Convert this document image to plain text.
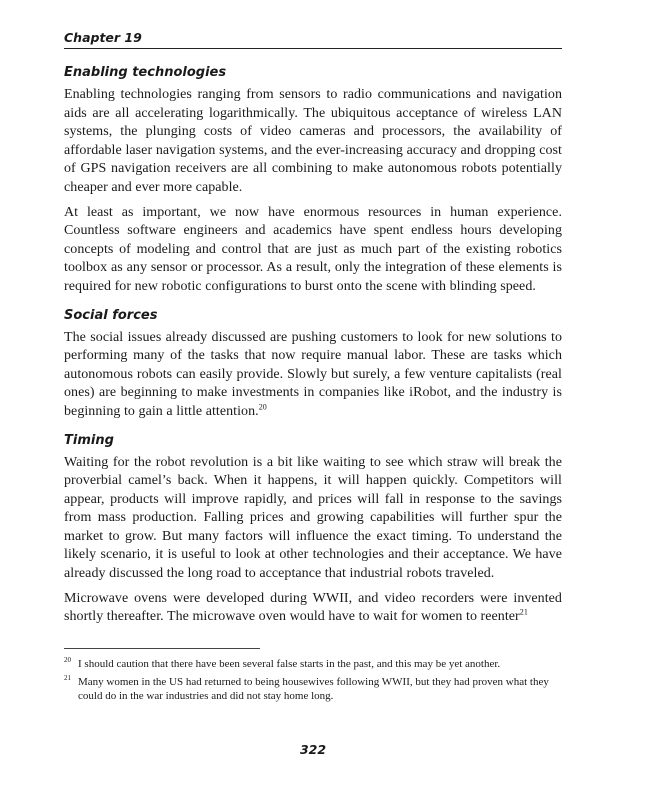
Chapter 19
Enabling technologies

Enabling technologies ranging from sensors to radio communications and navigation aids are all accelerating logarithmically. The ubiquitous acceptance of wireless LAN systems, the plunging costs of video cameras and processors, the availability of affordable laser navigation systems, and the ever-increasing accuracy and dropping cost of GPS navigation receivers are all combining to make autonomous robots potentially cheaper and ever more capable.

At least as important, we now have enormous resources in human experience. Countless software engineers and academics have spent endless hours developing concepts of modeling and control that are just as much part of the existing robotics toolbox as any sensor or processor. As a result, only the integration of these elements is required for new robotic configurations to burst onto the scene with blinding speed.

Social forces

The social issues already discussed are pushing customers to look for new solutions to performing many of the tasks that now require manual labor. These are tasks which autonomous robots can easily provide. Slowly but surely, a few venture capitalists (real ones) are beginning to make investments in companies like iRobot, and the industry is beginning to gain a little attention.$^{20}$

Timing

Waiting for the robot revolution is a bit like waiting to see which straw will break the proverbial camel’s back. When it happens, it will happen quickly. Competitors will appear, products will improve rapidly, and prices will fall in response to the savings from mass production. Falling prices and growing capabilities will further spur the market to grow. But many factors will influence the exact timing. To understand the likely scenario, it is useful to look at other technologies and their acceptance. We have already discussed the long road to acceptance that industrial robots traveled.

Microwave ovens were developed during WWII, and video recorders were invented shortly thereafter. The microwave oven would have to wait for women to reenter$^{21}$

20 I should caution that there have been several false starts in the past, and this may be yet another.

21 Many women in the US had returned to being housewives following WWII, but they had proven what they could do in the war industries and did not stay home long.

322
